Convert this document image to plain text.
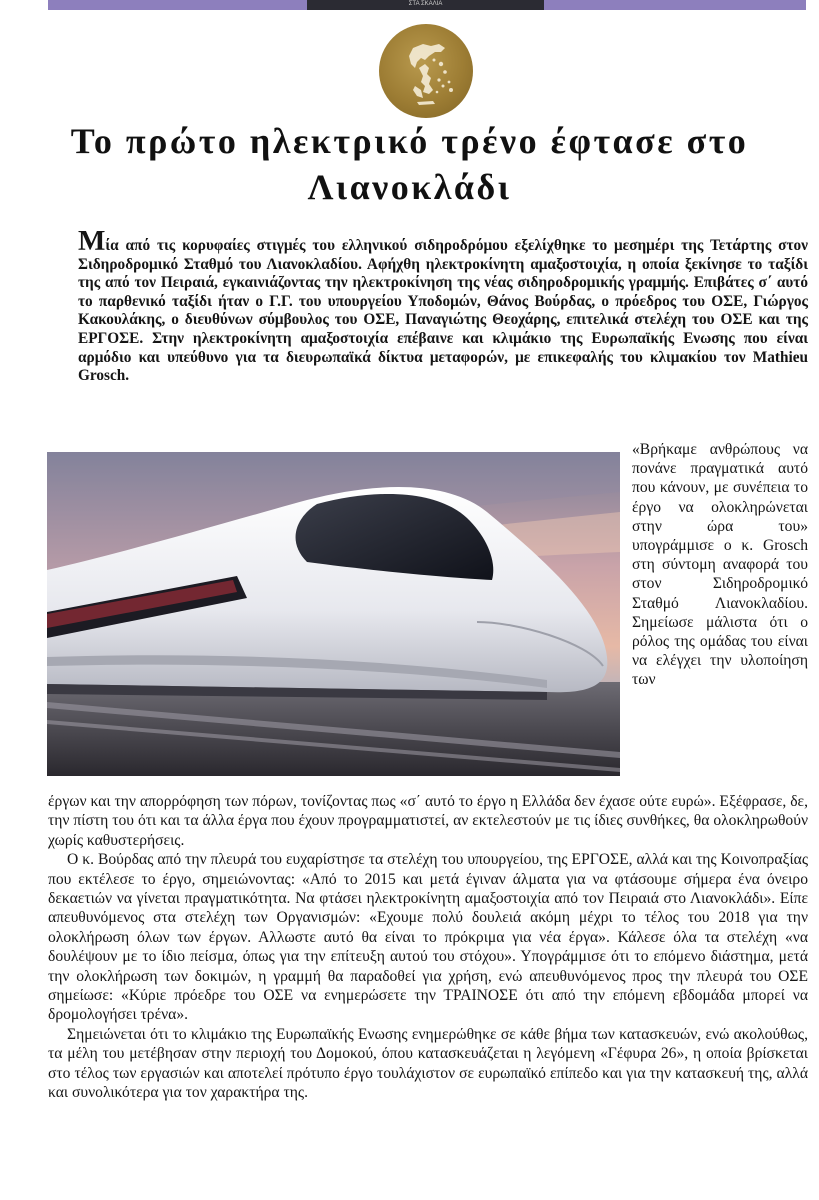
ΣΤΑ ΣΚΑΛΙΑ
Το πρώτο ηλεκτρικό τρένο έφτασε στο Λιανοκλάδι

Μία από τις κορυφαίες στιγμές του ελληνικού σιδηροδρόμου εξελίχθηκε το μεσημέρι της Τετάρτης στον Σιδηροδρομικό Σταθμό του Λιανοκλαδίου. Αφήχθη ηλεκτροκίνητη αμαξοστοιχία, η οποία ξεκίνησε το ταξίδι της από τον Πειραιά, εγκαινιάζοντας την ηλεκτροκίνηση της νέας σιδηροδρομικής γραμμής. Επιβάτες σ΄ αυτό το παρθενικό ταξίδι ήταν ο Γ.Γ. του υπουργείου Υποδομών, Θάνος Βούρδας, ο πρόεδρος του ΟΣΕ, Γιώργος Κακουλάκης, ο διευθύνων σύμβουλος του ΟΣΕ, Παναγιώτης Θεοχάρης, επιτελικά στελέχη του ΟΣΕ και της ΕΡΓΟΣΕ. Στην ηλεκτροκίνητη αμαξοστοιχία επέβαινε και κλιμάκιο της Ευρωπαϊκής Ενωσης που είναι αρμόδιο και υπεύθυνο για τα διευρωπαϊκά δίκτυα μεταφορών, με επικεφαλής του κλιμακίου τον Mathieu Grosch.

«Βρήκαμε ανθρώπους να πονάνε πραγματικά αυτό που κάνουν, με συνέπεια το έργο να ολοκληρώνεται στην ώρα του» υπογράμμισε ο κ. Grosch στη σύντομη αναφορά του στον Σιδηροδρομικό Σταθμό Λιανοκλαδίου. Σημείωσε μάλιστα ότι ο ρόλος της ομάδας του είναι να ελέγχει την υλοποίηση των

έργων και την απορρόφηση των πόρων, τονίζοντας πως «σ΄ αυτό το έργο η Ελλάδα δεν έχασε ούτε ευρώ». Εξέφρασε, δε, την πίστη του ότι και τα άλλα έργα που έχουν προγραμματιστεί, αν εκτελεστούν με τις ίδιες συνθήκες, θα ολοκληρωθούν χωρίς καθυστερήσεις.

Ο κ. Βούρδας από την πλευρά του ευχαρίστησε τα στελέχη του υπουργείου, της ΕΡΓΟΣΕ, αλλά και της Κοινοπραξίας που εκτέλεσε το έργο, σημειώνοντας: «Από το 2015 και μετά έγιναν άλματα για να φτάσουμε σήμερα ένα όνειρο δεκαετιών να γίνεται πραγματικότητα. Να φτάσει ηλεκτροκίνητη αμαξοστοιχία από τον Πειραιά στο Λιανοκλάδι». Είπε απευθυνόμενος στα στελέχη των Οργανισμών: «Εχουμε πολύ δουλειά ακόμη μέχρι το τέλος του 2018 για την ολοκλήρωση όλων των έργων. Αλλωστε αυτό θα είναι το πρόκριμα για νέα έργα». Κάλεσε όλα τα στελέχη «να δουλέψουν με το ίδιο πείσμα, όπως για την επίτευξη αυτού του στόχου». Υπογράμμισε ότι το επόμενο διάστημα, μετά την ολοκλήρωση των δοκιμών, η γραμμή θα παραδοθεί για χρήση, ενώ απευθυνόμενος προς την πλευρά του ΟΣΕ σημείωσε: «Κύριε πρόεδρε του ΟΣΕ να ενημερώσετε την ΤΡΑΙΝΟΣΕ ότι από την επόμενη εβδομάδα μπορεί να δρομολογήσει τρένα».

Σημειώνεται ότι το κλιμάκιο της Ευρωπαϊκής Ενωσης ενημερώθηκε σε κάθε βήμα των κατασκευών, ενώ ακολούθως, τα μέλη του μετέβησαν στην περιοχή του Δομοκού, όπου κατασκευάζεται η λεγόμενη «Γέφυρα 26», η οποία βρίσκεται στο τέλος των εργασιών και αποτελεί πρότυπο έργο τουλάχιστον σε ευρωπαϊκό επίπεδο και για την κατασκευή της, αλλά και συνολικότερα για τον χαρακτήρα της.
